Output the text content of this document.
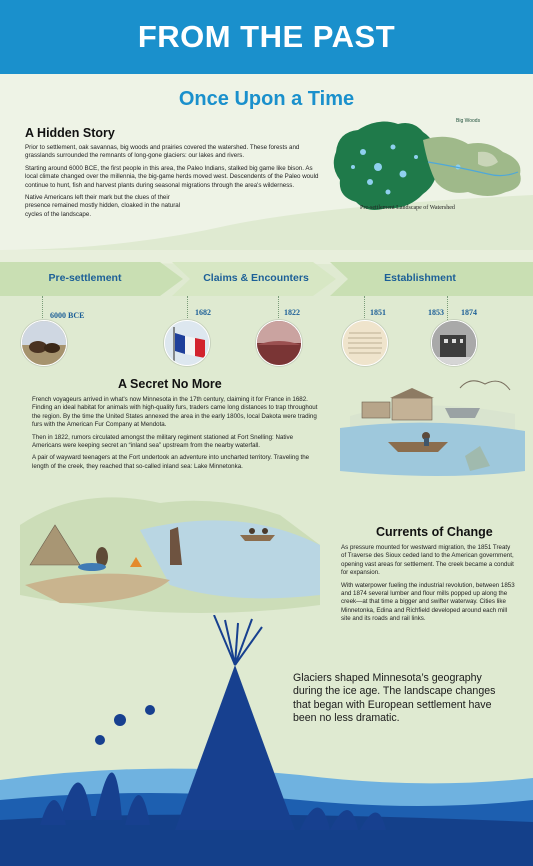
FROM THE PAST
Once Upon a Time
A Hidden Story

Prior to settlement, oak savannas, big woods and prairies covered the watershed. These forests and grasslands surrounded the remnants of long-gone glaciers: our lakes and rivers.

Starting around 6000 BCE, the first people in this area, the Paleo Indians, stalked big game like bison. As local climate changed over the millennia, the big-game herds moved west. Descendents of the Paleo would continue to hunt, fish and harvest plants during seasonal migrations through the area's wilderness.

Native Americans left their mark but the clues of their presence remained mostly hidden, cloaked in the natural cycles of the landscape.

Big Woods
Pre-settlement Landscape of Watershed
Pre-settlement	Claims & Encounters	Establishment
6000 BCE	1682	1822	1851	1853 1874
A Secret No More

French voyageurs arrived in what's now Minnesota in the 17th century, claiming it for France in 1682. Finding an ideal habitat for animals with high-quality furs, traders came long distances to trap throughout the region. By the time the United States annexed the area in the early 1800s, local Dakota were trading furs with the American Fur Company at Mendota.

Then in 1822, rumors circulated amongst the military regiment stationed at Fort Snelling: Native Americans were keeping secret an “inland sea” upstream from the nearby waterfall.

A pair of wayward teenagers at the Fort undertook an adventure into uncharted territory. Traveling the length of the creek, they reached that so-called inland sea: Lake Minnetonka.

Currents of Change

As pressure mounted for westward migration, the 1851 Treaty of Traverse des Sioux ceded land to the American government, opening vast areas for settlement. The creek became a conduit for expansion.

With waterpower fueling the industrial revolution, between 1853 and 1874 several lumber and flour mills popped up along the creek—at that time a bigger and swifter waterway. Cities like Minnetonka, Edina and Richfield developed around each mill site and its roads and rail links.

Glaciers shaped Minnesota’s geography during the ice age. The landscape changes that began with European settlement have been no less dramatic.
